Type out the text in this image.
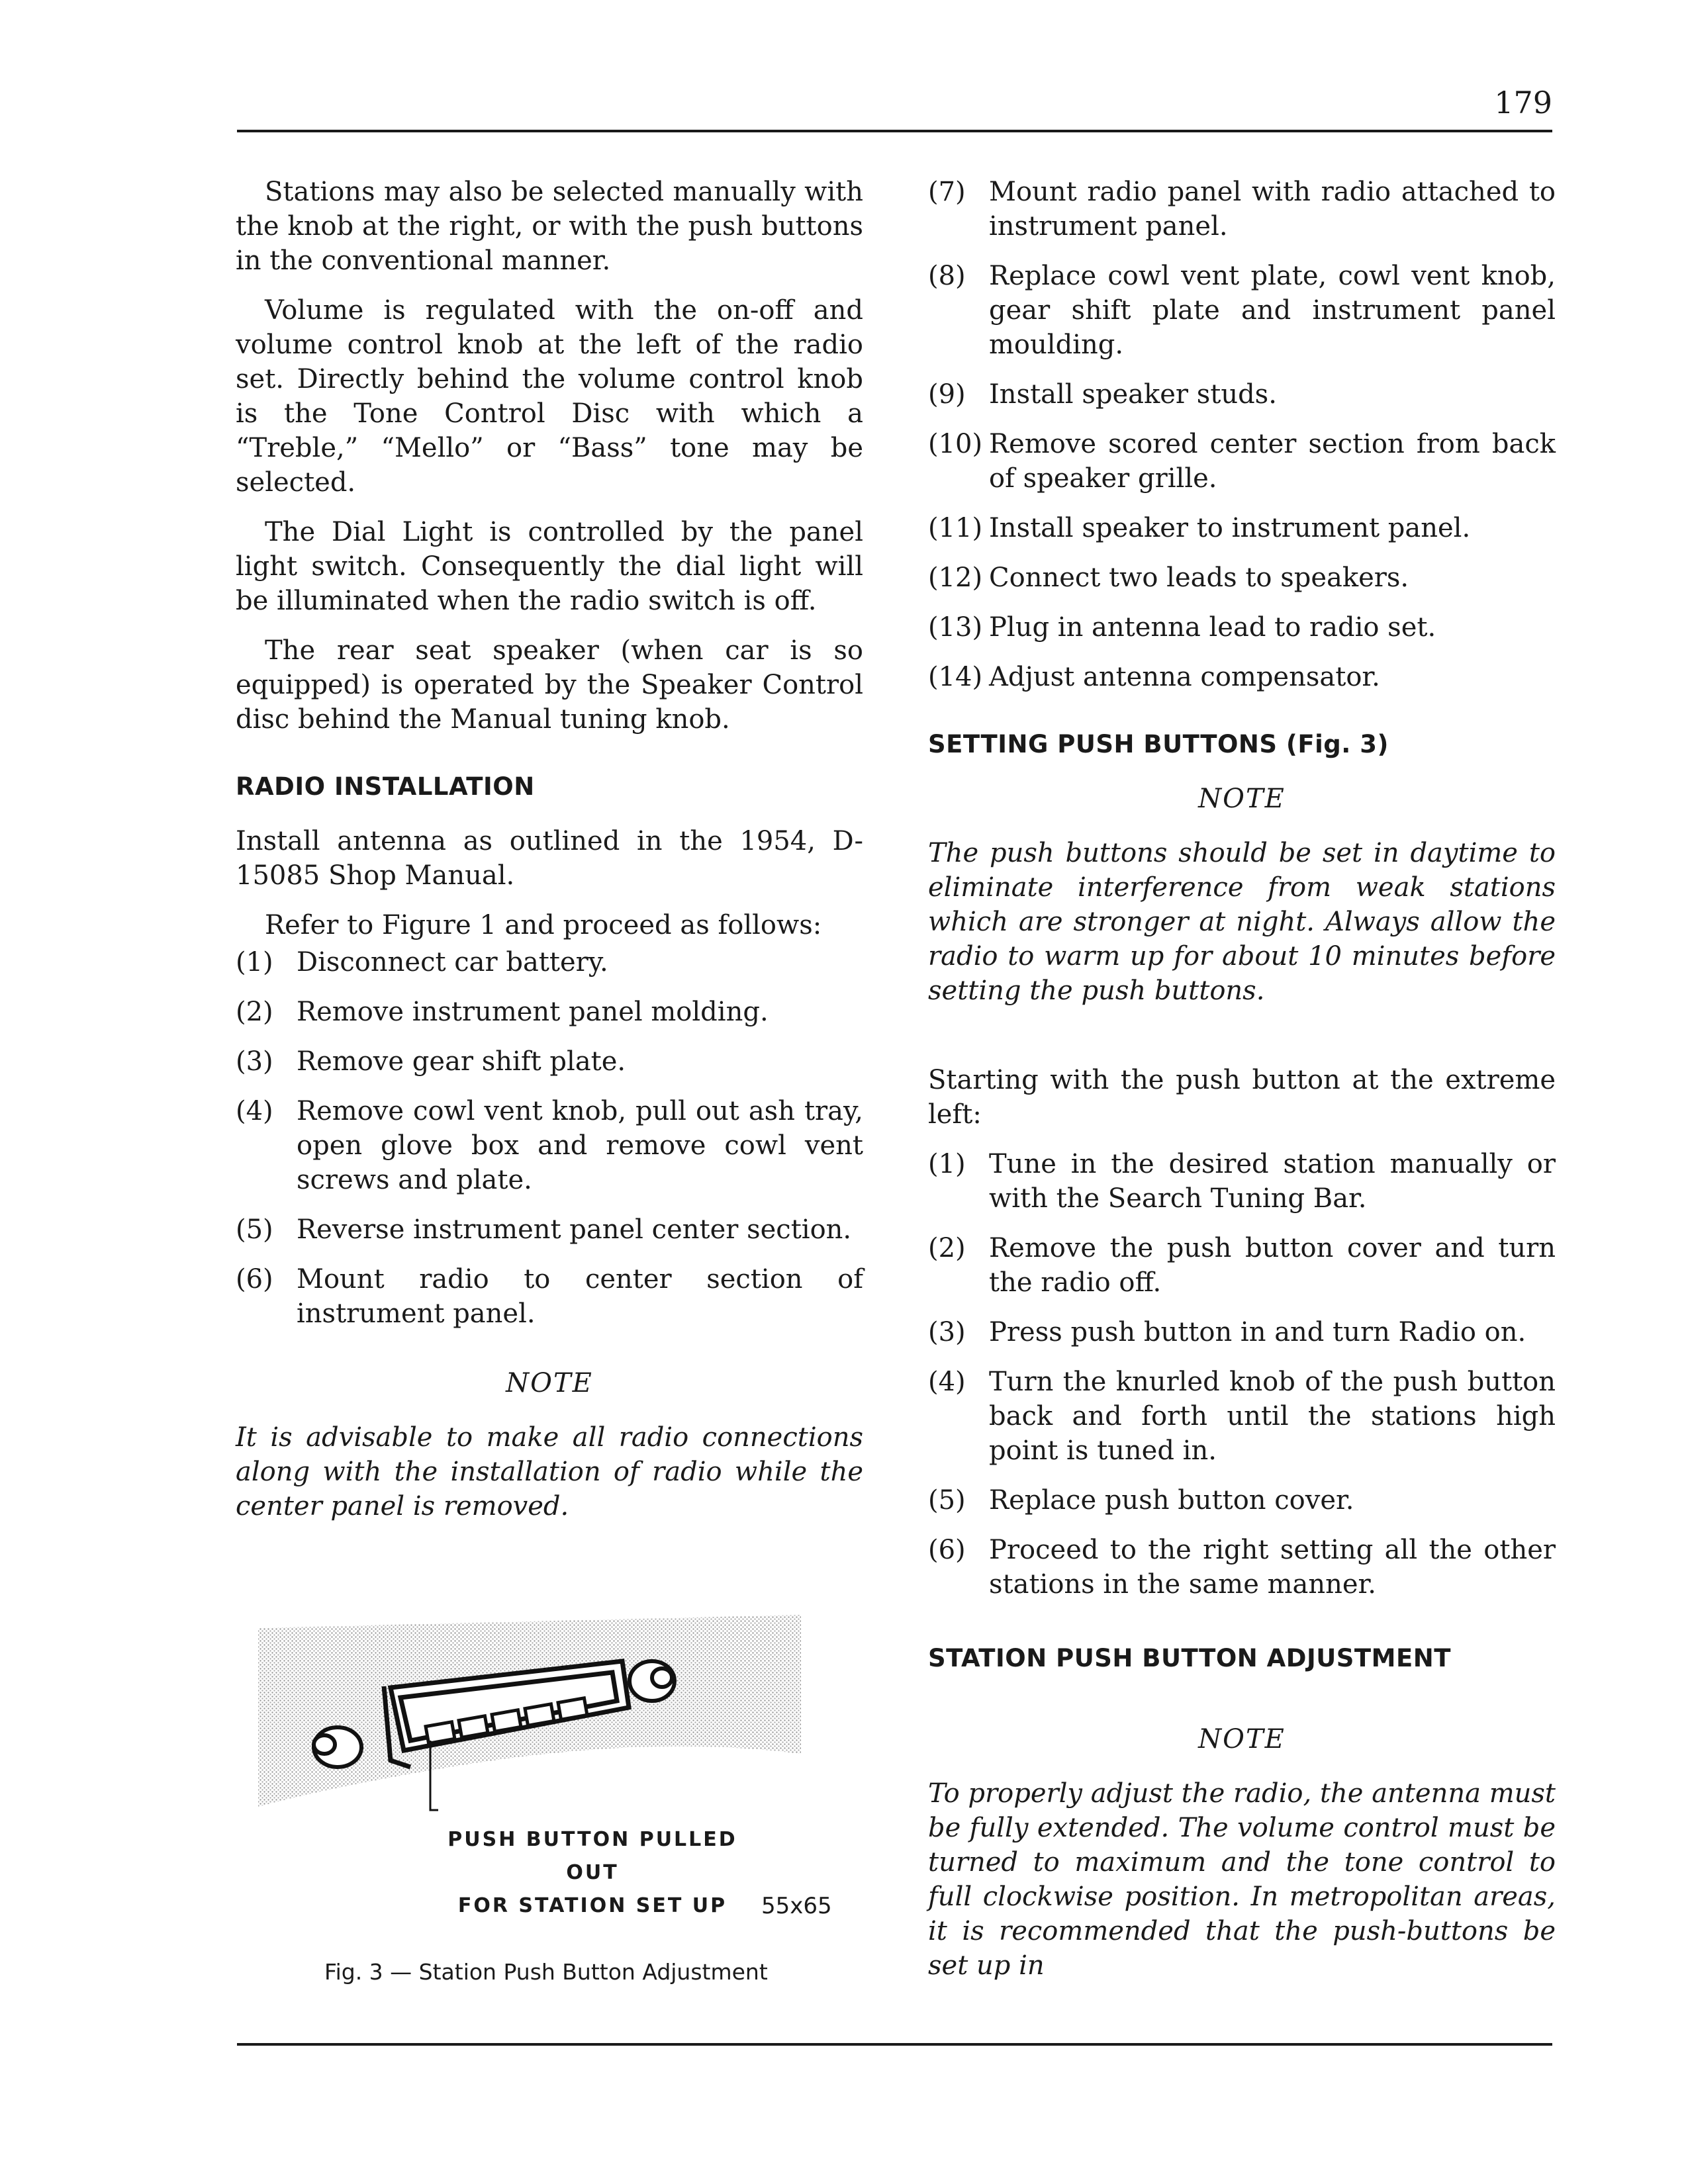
179

Stations may also be selected manually with the knob at the right, or with the push buttons in the conventional manner.

Volume is regulated with the on-off and volume control knob at the left of the radio set. Directly behind the volume control knob is the Tone Control Disc with which a “Treble,” “Mello” or “Bass” tone may be selected.

The Dial Light is controlled by the panel light switch. Consequently the dial light will be illuminated when the radio switch is off.

The rear seat speaker (when car is so equipped) is operated by the Speaker Control disc behind the Manual tuning knob.

RADIO INSTALLATION

Install antenna as outlined in the 1954, D-15085 Shop Manual.

Refer to Figure 1 and proceed as follows:

(1) Disconnect car battery.
(2) Remove instrument panel molding.
(3) Remove gear shift plate.
(4) Remove cowl vent knob, pull out ash tray, open glove box and remove cowl vent screws and plate.
(5) Reverse instrument panel center section.
(6) Mount radio to center section of instrument panel.
NOTE
It is advisable to make all radio connections along with the installation of radio while the center panel is removed.
PUSH BUTTON PULLED OUT
FOR STATION SET UP	55x65
Fig. 3 — Station Push Button Adjustment
(7) Mount radio panel with radio attached to instrument panel.
(8) Replace cowl vent plate, cowl vent knob, gear shift plate and instrument panel moulding.
(9) Install speaker studs.
(10) Remove scored center section from back of speaker grille.
(11) Install speaker to instrument panel.
(12) Connect two leads to speakers.
(13) Plug in antenna lead to radio set.
(14) Adjust antenna compensator.
SETTING PUSH BUTTONS (Fig. 3)
NOTE
The push buttons should be set in daytime to eliminate interference from weak stations which are stronger at night. Always allow the radio to warm up for about 10 minutes before setting the push buttons.

Starting with the push button at the extreme left:

(1) Tune in the desired station manually or with the Search Tuning Bar.
(2) Remove the push button cover and turn the radio off.
(3) Press push button in and turn Radio on.
(4) Turn the knurled knob of the push button back and forth until the stations high point is tuned in.
(5) Replace push button cover.
(6) Proceed to the right setting all the other stations in the same manner.
STATION PUSH BUTTON ADJUSTMENT
NOTE
To properly adjust the radio, the antenna must be fully extended. The volume control must be turned to maximum and the tone control to full clockwise position. In metropolitan areas, it is recommended that the push-buttons be set up in
